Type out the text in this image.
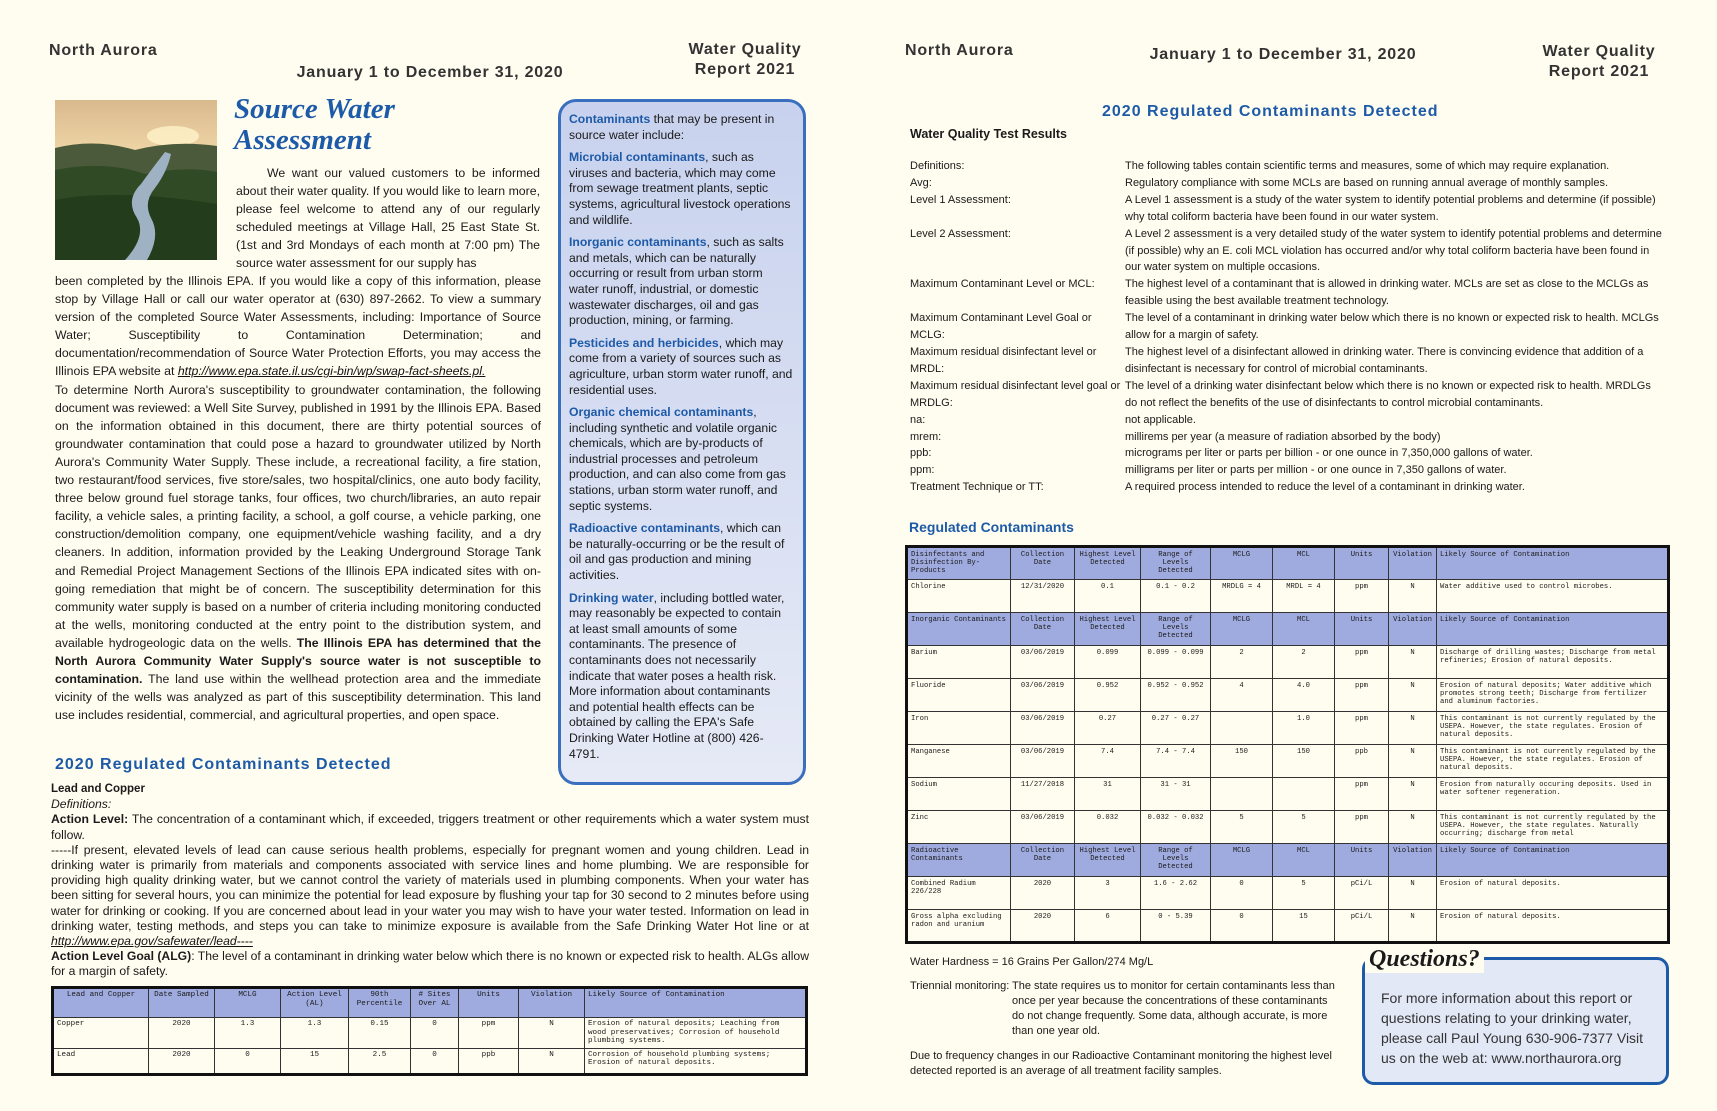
North Aurora
January 1 to December 31, 2020
Water Quality
Report 2021
Source Water
Assessment

We want our valued customers to be informed about their water quality. If you would like to learn more, please feel welcome to attend any of our regularly scheduled meetings at Village Hall, 25 East State St. (1st and 3rd Mondays of each month at 7:00 pm) The source water assessment for our supply has

been completed by the Illinois EPA. If you would like a copy of this information, please stop by Village Hall or call our water operator at (630) 897-2662. To view a summary version of the completed Source Water Assessments, including: Importance of Source Water; Susceptibility to Contamination Determination; and documentation/recommendation of Source Water Protection Efforts, you may access the Illinois EPA website at http://www.epa.state.il.us/cgi-bin/wp/swap-fact-sheets.pl.

To determine North Aurora's susceptibility to groundwater contamination, the following document was reviewed: a Well Site Survey, published in 1991 by the Illinois EPA. Based on the information obtained in this document, there are thirty potential sources of groundwater contamination that could pose a hazard to groundwater utilized by North Aurora's Community Water Supply. These include, a recreational facility, a fire station, two restaurant/food services, five store/sales, two hospital/clinics, one auto body facility, three below ground fuel storage tanks, four offices, two church/libraries, an auto repair facility, a vehicle sales, a printing facility, a school, a golf course, a vehicle parking, one construction/demolition company, one equipment/vehicle washing facility, and a dry cleaners. In addition, information provided by the Leaking Underground Storage Tank and Remedial Project Management Sections of the Illinois EPA indicated sites with on-going remediation that might be of concern. The susceptibility determination for this community water supply is based on a number of criteria including monitoring conducted at the wells, monitoring conducted at the entry point to the distribution system, and available hydrogeologic data on the wells. The Illinois EPA has determined that the North Aurora Community Water Supply's source water is not susceptible to contamination. The land use within the wellhead protection area and the immediate vicinity of the wells was analyzed as part of this susceptibility determination. This land use includes residential, commercial, and agricultural properties, and open space.

Contaminants that may be present in source water include:

Microbial contaminants, such as viruses and bacteria, which may come from sewage treatment plants, septic systems, agricultural livestock operations and wildlife.

Inorganic contaminants, such as salts and metals, which can be naturally occurring or result from urban storm water runoff, industrial, or domestic wastewater discharges, oil and gas production, mining, or farming.

Pesticides and herbicides, which may come from a variety of sources such as agriculture, urban storm water runoff, and residential uses.

Organic chemical contaminants, including synthetic and volatile organic chemicals, which are by-products of industrial processes and petroleum production, and can also come from gas stations, urban storm water runoff, and septic systems.

Radioactive contaminants, which can be naturally-occurring or be the result of oil and gas production and mining activities.

Drinking water, including bottled water, may reasonably be expected to contain at least small amounts of some contaminants. The presence of contaminants does not necessarily indicate that water poses a health risk. More information about contaminants and potential health effects can be obtained by calling the EPA's Safe Drinking Water Hotline at (800) 426-4791.

2020 Regulated Contaminants Detected
Lead and Copper
Definitions:

Action Level: The concentration of a contaminant which, if exceeded, triggers treatment or other requirements which a water system must follow.

-----If present, elevated levels of lead can cause serious health problems, especially for pregnant women and young children. Lead in drinking water is primarily from materials and components associated with service lines and home plumbing. We are responsible for providing high quality drinking water, but we cannot control the variety of materials used in plumbing components. When your water has been sitting for several hours, you can minimize the potential for lead exposure by flushing your tap for 30 second to 2 minutes before using water for drinking or cooking. If you are concerned about lead in your water you may wish to have your water tested. Information on lead in drinking water, testing methods, and steps you can take to minimize exposure is available from the Safe Drinking Water Hot line or at http://www.epa.gov/safewater/lead----

Action Level Goal (ALG): The level of a contaminant in drinking water below which there is no known or expected risk to health. ALGs allow for a margin of safety.

Lead and Copper	Date Sampled	MCLG	Action Level (AL)	90th Percentile	# Sites Over AL	Units	Violation	Likely Source of Contamination
Copper	2020	1.3	1.3	0.15	0	ppm	N	Erosion of natural deposits; Leaching from wood preservatives; Corrosion of household plumbing systems.
Lead	2020	0	15	2.5	0	ppb	N	Corrosion of household plumbing systems; Erosion of natural deposits.
North Aurora	January 1 to December 31, 2020	Water Quality
Report 2021
2020 Regulated Contaminants Detected
Water Quality Test Results
Definitions:	The following tables contain scientific terms and measures, some of which may require explanation.
Avg:	Regulatory compliance with some MCLs are based on running annual average of monthly samples.
Level 1 Assessment:	A Level 1 assessment is a study of the water system to identify potential problems and determine (if possible) why total coliform bacteria have been found in our water system.
Level 2 Assessment:	A Level 2 assessment is a very detailed study of the water system to identify potential problems and determine (if possible) why an E. coli MCL violation has occurred and/or why total coliform bacteria have been found in our water system on multiple occasions.
Maximum Contaminant Level or MCL:	The highest level of a contaminant that is allowed in drinking water. MCLs are set as close to the MCLGs as feasible using the best available treatment technology.
Maximum Contaminant Level Goal or MCLG:
The level of a contaminant in drinking water below which there is no known or expected risk to health. MCLGs allow for a margin of safety.
Maximum residual disinfectant level or MRDL:
The highest level of a disinfectant allowed in drinking water. There is convincing evidence that addition of a disinfectant is necessary for control of microbial contaminants.
Maximum residual disinfectant level goal or MRDLG:
The level of a drinking water disinfectant below which there is no known or expected risk to health. MRDLGs do not reflect the benefits of the use of disinfectants to control microbial contaminants.
na:	not applicable.
mrem:	millirems per year (a measure of radiation absorbed by the body)
ppb:	micrograms per liter or parts per billion - or one ounce in 7,350,000 gallons of water.
ppm:	milligrams per liter or parts per million - or one ounce in 7,350 gallons of water.
Treatment Technique or TT:	A required process intended to reduce the level of a contaminant in drinking water.
Regulated Contaminants
Disinfectants and Disinfection By-Products	Collection Date	Highest Level Detected	Range of Levels Detected	MCLG	MCL	Units	Violation	Likely Source of Contamination
Chlorine	12/31/2020	0.1	0.1 - 0.2	MRDLG = 4	MRDL = 4	ppm	N	Water additive used to control microbes.
Inorganic Contaminants	Collection Date	Highest Level Detected	Range of Levels Detected	MCLG	MCL	Units	Violation	Likely Source of Contamination
Barium	03/06/2019	0.099	0.099 - 0.099	2	2	ppm	N	Discharge of drilling wastes; Discharge from metal refineries; Erosion of natural deposits.
Fluoride	03/06/2019	0.952	0.952 - 0.952	4	4.0	ppm	N	Erosion of natural deposits; Water additive which promotes strong teeth; Discharge from fertilizer and aluminum factories.
Iron	03/06/2019	0.27	0.27 - 0.27		1.0	ppm	N	This contaminant is not currently regulated by the USEPA. However, the state regulates. Erosion of natural deposits.
Manganese	03/06/2019	7.4	7.4 - 7.4	150	150	ppb	N	This contaminant is not currently regulated by the USEPA. However, the state regulates. Erosion of natural deposits.
Sodium	11/27/2018	31	31 - 31			ppm	N	Erosion from naturally occuring deposits. Used in water softener regeneration.
Zinc	03/06/2019	0.032	0.032 - 0.032	5	5	ppm	N	This contaminant is not currently regulated by the USEPA. However, the state regulates. Naturally occurring; discharge from metal
Radioactive Contaminants	Collection Date	Highest Level Detected	Range of Levels Detected	MCLG	MCL	Units	Violation	Likely Source of Contamination
Combined Radium 226/228	2020	3	1.6 - 2.62	0	5	pCi/L	N	Erosion of natural deposits.
Gross alpha excluding radon and uranium	2020	6	0 - 5.39	0	15	pCi/L	N	Erosion of natural deposits.
Water Hardness = 16 Grains Per Gallon/274 Mg/L
Triennial monitoring: The state requires us to monitor for certain contaminants less than once per year because the concentrations of these contaminants do not change frequently. Some data, although accurate, is more than one year old.
Due to frequency changes in our Radioactive Contaminant monitoring the highest level detected reported is an average of all treatment facility samples.
For more information about this report or questions relating to your drinking water, please call Paul Young 630-906-7377 Visit us on the web at: www.northaurora.org
Questions?
